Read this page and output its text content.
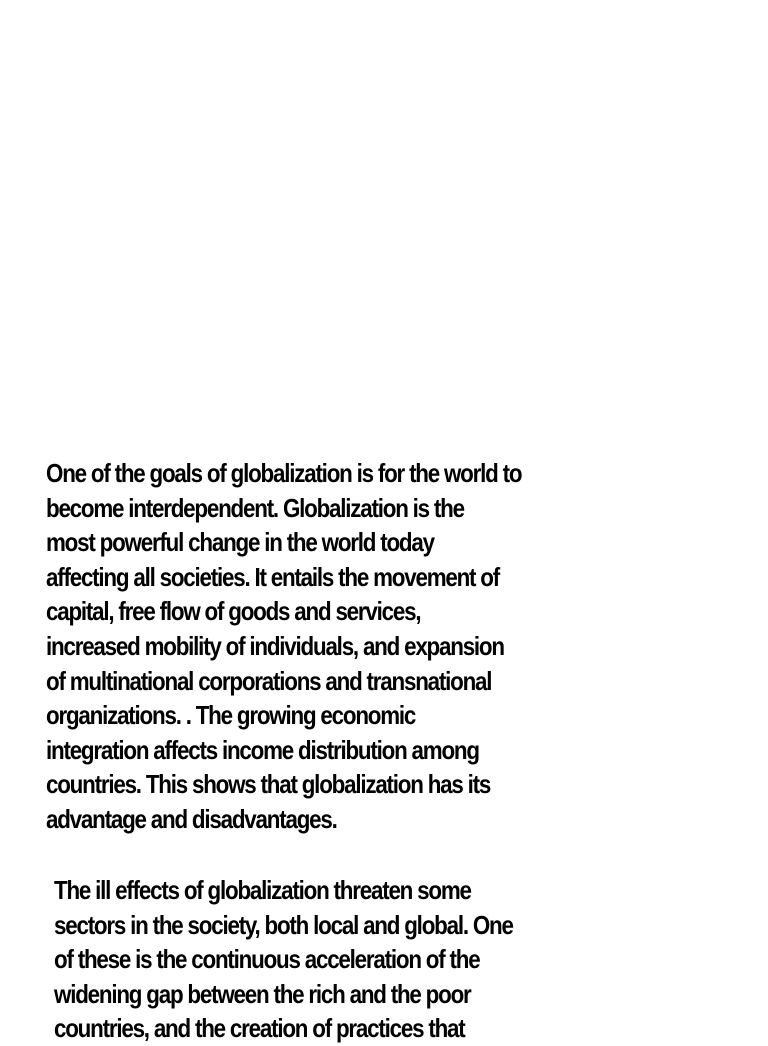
One of the goals of globalization is for the world to
become interdependent. Globalization is the
most powerful change in the world today
affecting all societies. It entails the movement of
capital, free flow of goods and services,
increased mobility of individuals, and expansion
of multinational corporations and transnational
organizations. . The growing economic
integration affects income distribution among
countries. This shows that globalization has its
advantage and disadvantages.

The ill effects of globalization threaten some
sectors in the society, both local and global. One
of these is the continuous acceleration of the
widening gap between the rich and the poor
countries, and the creation of practices that
